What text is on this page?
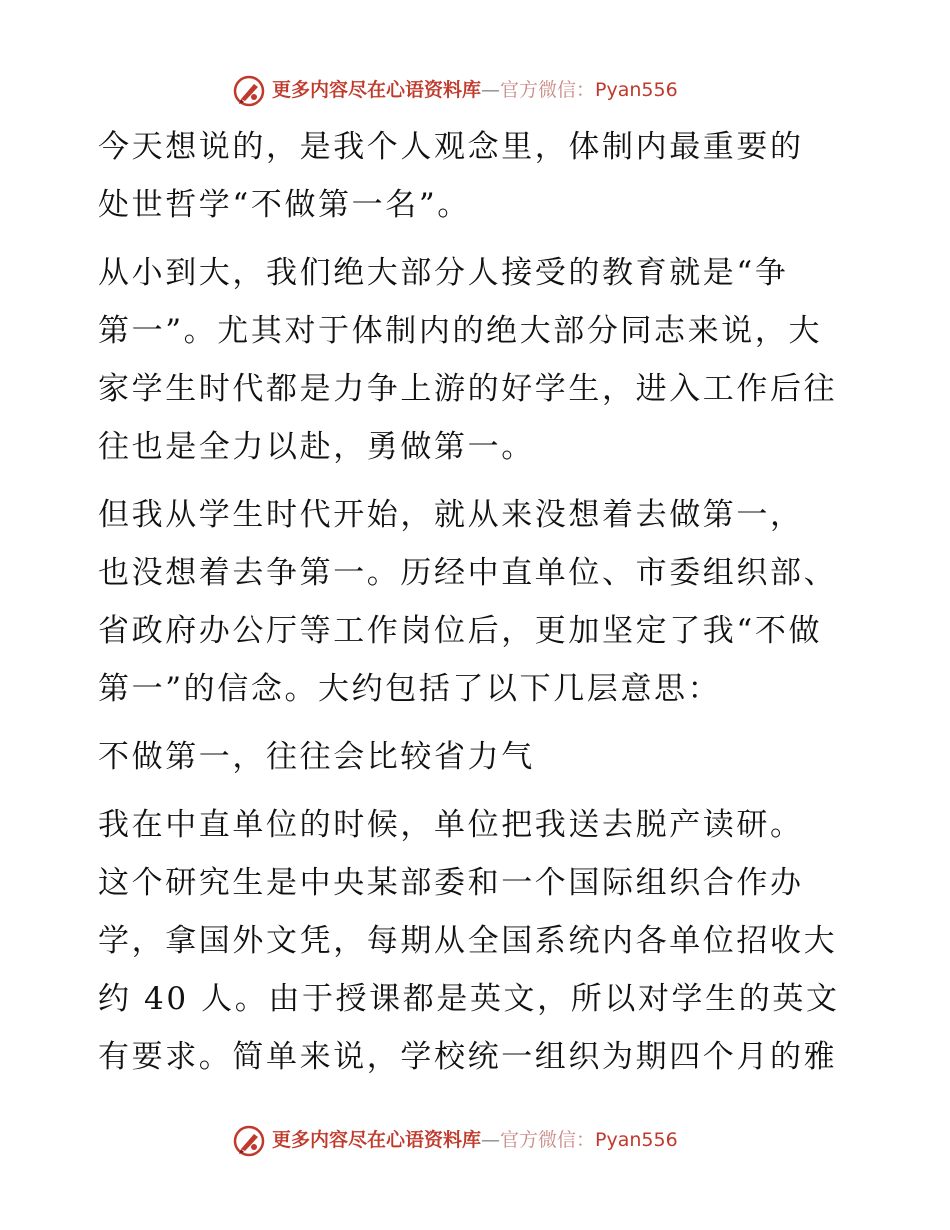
更多内容尽在心语资料库—官方微信：Pyan556

今天想说的，是我个人观念里，体制内最重要的
处世哲学“不做第一名”。

从小到大，我们绝大部分人接受的教育就是“争
第一”。尤其对于体制内的绝大部分同志来说，大
家学生时代都是力争上游的好学生，进入工作后往
往也是全力以赴，勇做第一。

但我从学生时代开始，就从来没想着去做第一，
也没想着去争第一。历经中直单位、市委组织部、
省政府办公厅等工作岗位后，更加坚定了我“不做
第一”的信念。大约包括了以下几层意思：

不做第一，往往会比较省力气

我在中直单位的时候，单位把我送去脱产读研。
这个研究生是中央某部委和一个国际组织合作办
学，拿国外文凭，每期从全国系统内各单位招收大
约 40 人。由于授课都是英文，所以对学生的英文
有要求。简单来说，学校统一组织为期四个月的雅

更多内容尽在心语资料库—官方微信：Pyan556
